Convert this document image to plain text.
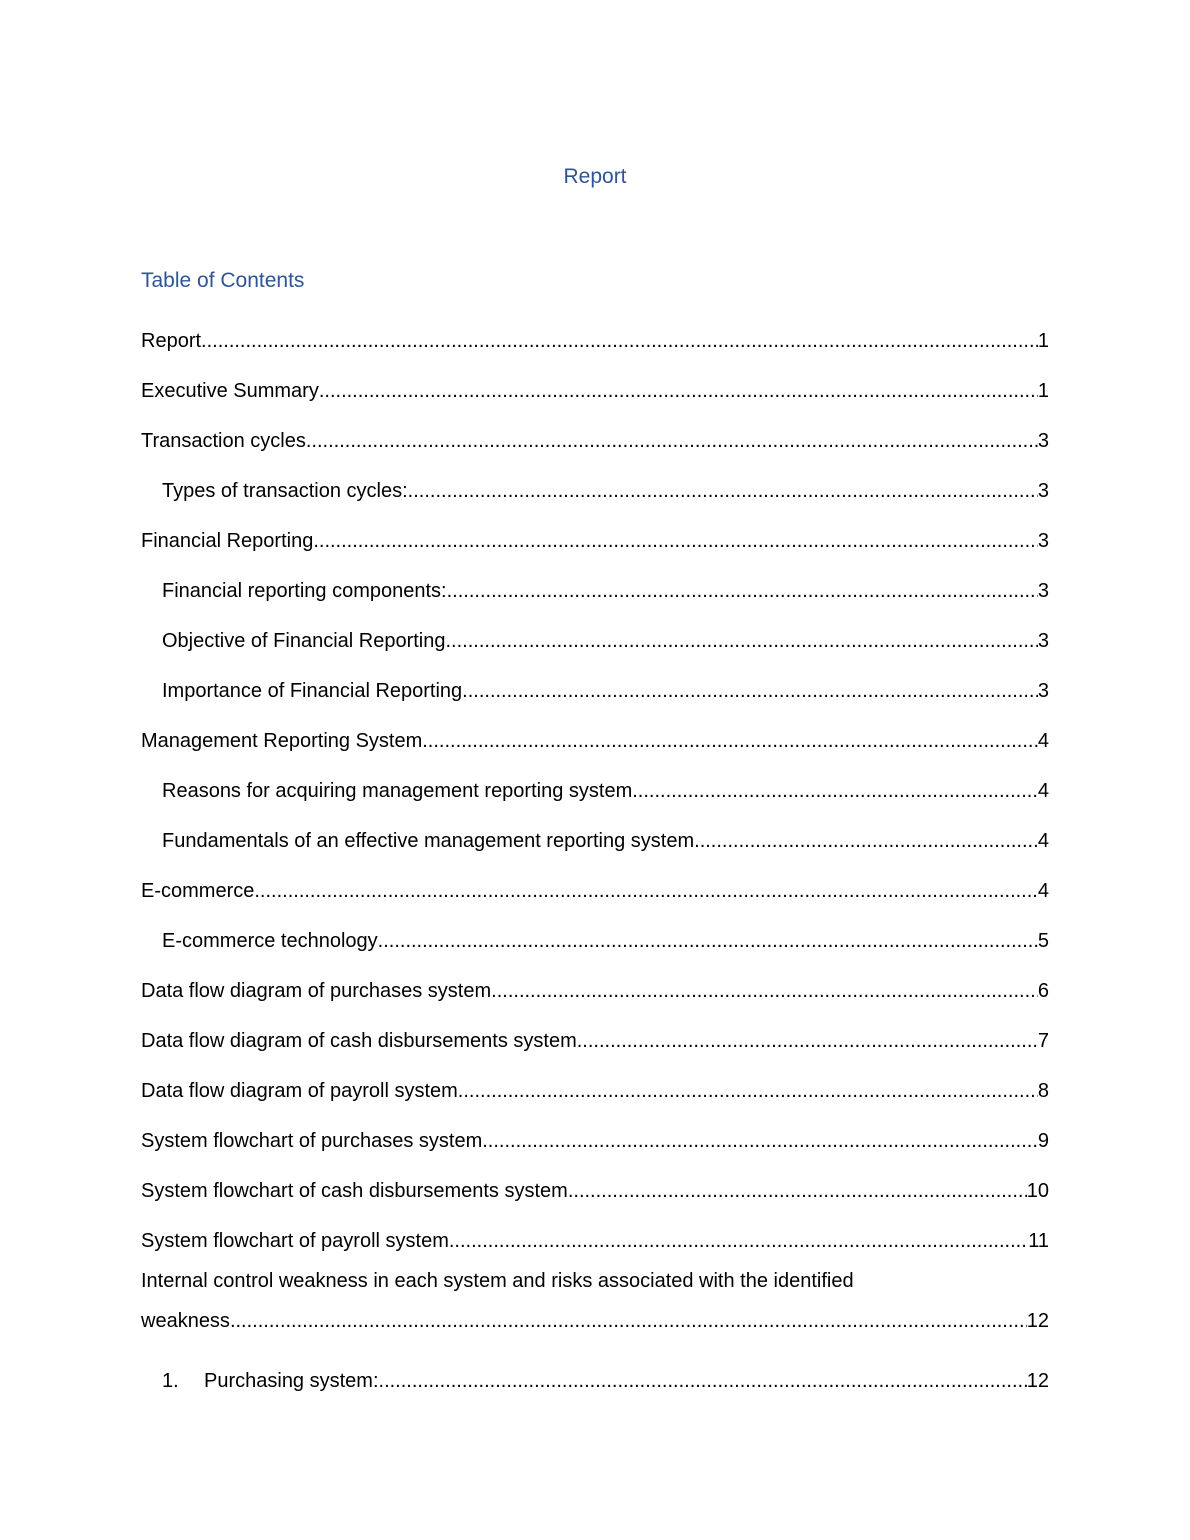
Report
Table of Contents
Report .....	1
Executive Summary .....	1
Transaction cycles .....	3
Types of transaction cycles: .....	3
Financial Reporting .....	3
Financial reporting components: .....	3
Objective of Financial Reporting .....	3
Importance of Financial Reporting .....	3
Management Reporting System .....	4
Reasons for acquiring management reporting system .....	4
Fundamentals of an effective management reporting system .....	4
E-commerce .....	4
E-commerce technology .....	5
Data flow diagram of purchases system .....	6
Data flow diagram of cash disbursements system .....	7
Data flow diagram of payroll system .....	8
System flowchart of purchases system .....	9
System flowchart of cash disbursements system .....	10
System flowchart of payroll system .....	11
Internal control weakness in each system and risks associated with the identified
weakness .....	12
1. Purchasing system: .....	12
